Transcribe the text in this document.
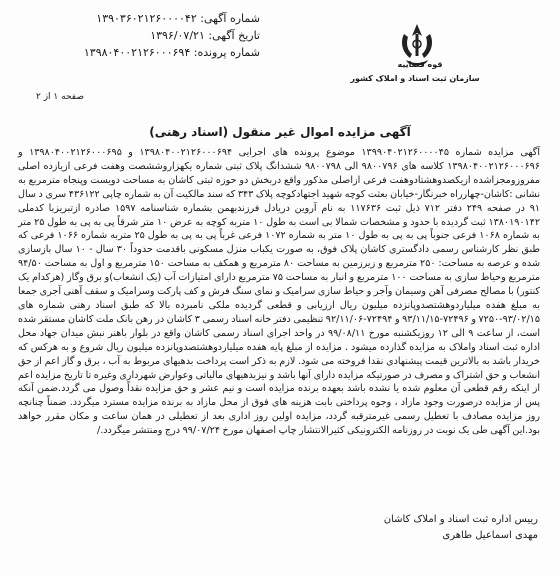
شماره آگهی: ۱۳۹۰۳۶۰۲۱۲۶۰۰۰۰۴۲
تاریخ آگهی: ۱۳۹۶/۰۷/۲۱
شماره پرونده: ۱۳۹۸۰۴۰۰۲۱۲۶۰۰۰۶۹۴
قوه قضاییه
سازمان ثبت اسناد و املاک کشور
صفحه ۱ از ۲
آگهی مزایده اموال غیر منقول (اسناد رهنی)
آگهی مزایده شماره ۱۳۹۹۰۴۰۲۱۲۶۰۰۰۰۴۵ موضوع پرونده های اجرایی ۱۳۹۸۰۴۰۰۲۱۲۶۰۰۰۶۹۴ و ۱۳۹۸۰۴۰۰۲۱۲۶۰۰۰۶۹۵ و ۱۳۹۸۰۴۰۰۲۱۲۶۰۰۰۶۹۶ کلاسه های ۹۸۰۰۷۹۶ الی ۹۸۰۰۷۹۸ ششدانگ پلاک ثبتی شماره یکهزاروششصت وهفت فرعی ازیازده اصلی مفروزومجزاشده ازیکصدوهشتادوهفت فرعی ازاصلی مذکور واقع دربخش دو حوزه ثبتی کاشان به مساحت دویست وپنجاه مترمربع به نشانی :کاشان-چهارراه خبرنگار-خیابان بعثت کوچه شهید اجتهادکوچه پلاک ۳۴۳ که سند مالکیت آن به شماره چاپی ۴۳۶۱۲۲ سری د سال ۹۱ در صفحه ۲۴۹ دفتر ۷۱۲ ذیل ثبت ۱۱۷۶۳۶ به نام آروین دریادل فرزندبهمن بشماره شناسنامه ۱۵۹۷ صادره ازتبریزبا کدملی ۱۳۸۰۱۹۰۱۴۲ ثبت گردیده با حدود و مشخصات شمالا بی است به طول ۱۰ متربه کوچه به عرض ۱۰ متر شرقاً پی به پی به طول ۲۵ متر به شماره ۱۰۶۸ فرعی جنوباً پی به پی به طول ۱۰ متر به شماره ۱۰۷۲ فرعی غرباً پی به پی به طول ۲۵ متربه شماره ۱۰۶۶ فرعی که طبق نظر کارشناس رسمی دادگستری کاشان پلاک فوق، به صورت یکباب منزل مسکونی باقدمت حدوداً ۳۰ سال - ۱۰ سال بازسازی شده و عرصه به مساحت: ۲۵۰ مترمربع و زیرزمین به مساحت ۸۰ مترمربع و همکف به مساحت ۱۵۰ مترمربع و اول به مساحت ۹۴/۵۰ مترمربع وحیاط سازی به مساحت ۱۰۰ مترمربع و انبار به مساحت ۷۵ مترمربع دارای امتیازات آب (یک انشعاب)و برق وگاز (هرکدام یک کنتور) با مصالح مصرفی آهن وسیمان وآجر و حیاط سازی سرامیک و نمای سنگ فرش و کف پارکت وسرامیک و سقف آهنی آجری جمعا به مبلغ هفده میلیاردوهشتصدوپانزده میلیون ریال ارزیابی و قطعی گردیده ملکی نامبرده بالا که طبق اسناد رهنی شماره های ۹۳/۰۲/۱۵-۷۲۵۰ و ۷۲۴۹۶-۹۳/۱۱/۱۵ و ۷۲۴۹۴-۹۲/۱۱/۰۶ تنظیمی دفتر خانه اسناد رسمی ۳ کاشان در رهن بانک ملت کاشان مستقر شده است، از ساعت ۹ الی ۱۲ روزیکشنبه مورخ ۹۹/۰۸/۱۱ در واحد اجرای اسناد رسمی کاشان واقع در بلوار باهنر نبش میدان جهاد محل اداره ثبت اسناد واملاک به مزایده گذارده میشود . مزایده از مبلغ پایه هفده میلیاردوهشتصدوپانزده میلیون ریال شروع و به هرکس که خریدار باشد به بالاترین قیمت پیشنهادی نقدا فروخته می شود. لازم به ذکر است پرداخت بدهیهای مربوط به آب ، برق و گاز اعم از حق انشعاب و حق اشتراک و مصرف در صورتیکه مزایده دارای آنها باشد و نیزبدهیهای مالیاتی وعوارض شهرداری وغیره تا تاریخ مزایده اعم از اینکه رقم قطعی آن معلوم شده یا نشده باشد بعهده برنده مزایده است و نیم عشر و حق مزایده نقداً وصول می گردد.ضمن آنکه پس از مزایده درصورت وجود مازاد ، وجوه پرداختی بابت هزینه های فوق از محل مازاد به برنده مزایده مسترد میگردد. ضمناً چنانچه روز مزایده مصادف با تعطیل رسمی غیرمترقبه گردد، مزایده اولین روز اداری بعد از تعطیلی در همان ساعت و مکان مقرر خواهد بود.این آگهی طی یک نوبت در روزنامه الکترونیکی کثیرالانتشار چاپ اصفهان مورخ ۹۹/۰۷/۲۴ درج ومنتشر میگردد./
رییس اداره ثبت اسناد و املاک کاشان
مهدی اسماعیل طاهری
